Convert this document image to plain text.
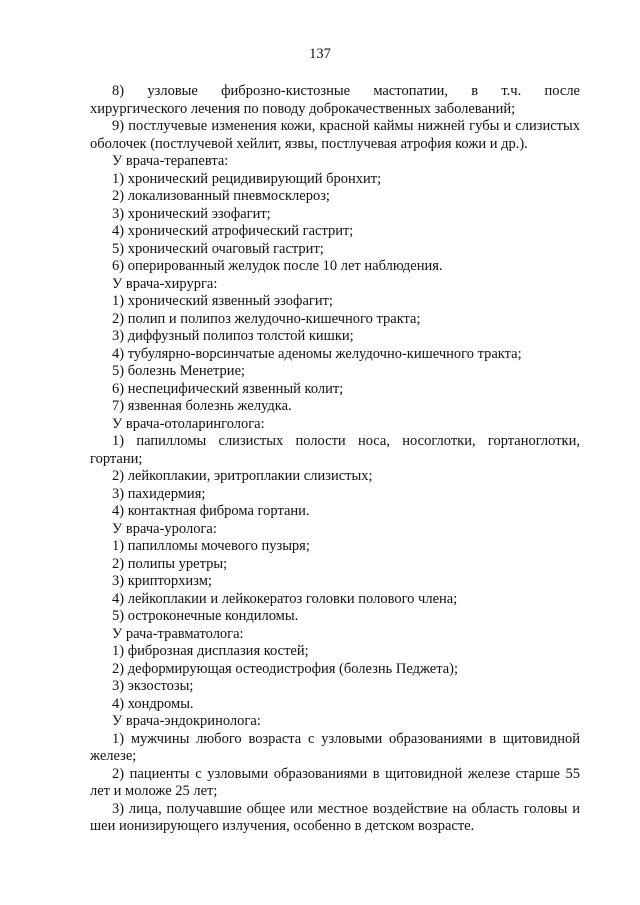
137

8) узловые фиброзно-кистозные мастопатии, в т.ч. после

хирургического лечения по поводу доброкачественных заболеваний;

9) постлучевые изменения кожи, красной каймы нижней губы и слизистых оболочек (постлучевой хейлит, язвы, постлучевая атрофия кожи и др.).

У врача-терапевта:

1) хронический рецидивирующий бронхит;

2) локализованный пневмосклероз;

3) хронический эзофагит;

4) хронический атрофический гастрит;

5) хронический очаговый гастрит;

6) оперированный желудок после 10 лет наблюдения.

У врача-хирурга:

1) хронический язвенный эзофагит;

2) полип и полипоз желудочно-кишечного тракта;

3) диффузный полипоз толстой кишки;

4) тубулярно-ворсинчатые аденомы желудочно-кишечного тракта;

5) болезнь Менетрие;

6) неспецифический язвенный колит;

7) язвенная болезнь желудка.

У врача-отоларинголога:

1) папилломы слизистых полости носа, носоглотки, гортаноглотки, гортани;

2) лейкоплакии, эритроплакии слизистых;

3) пахидермия;

4) контактная фиброма гортани.

У врача-уролога:

1) папилломы мочевого пузыря;

2) полипы уретры;

3) крипторхизм;

4) лейкоплакии и лейкокератоз головки полового члена;

5) остроконечные кондиломы.

У рача-травматолога:

1) фиброзная дисплазия костей;

2) деформирующая остеодистрофия (болезнь Педжета);

3) экзостозы;

4) хондромы.

У врача-эндокринолога:

1) мужчины любого возраста с узловыми образованиями в щитовидной железе;

2) пациенты с узловыми образованиями в щитовидной железе старше 55 лет и моложе 25 лет;

3) лица, получавшие общее или местное воздействие на область головы и шеи ионизирующего излучения, особенно в детском возрасте.
